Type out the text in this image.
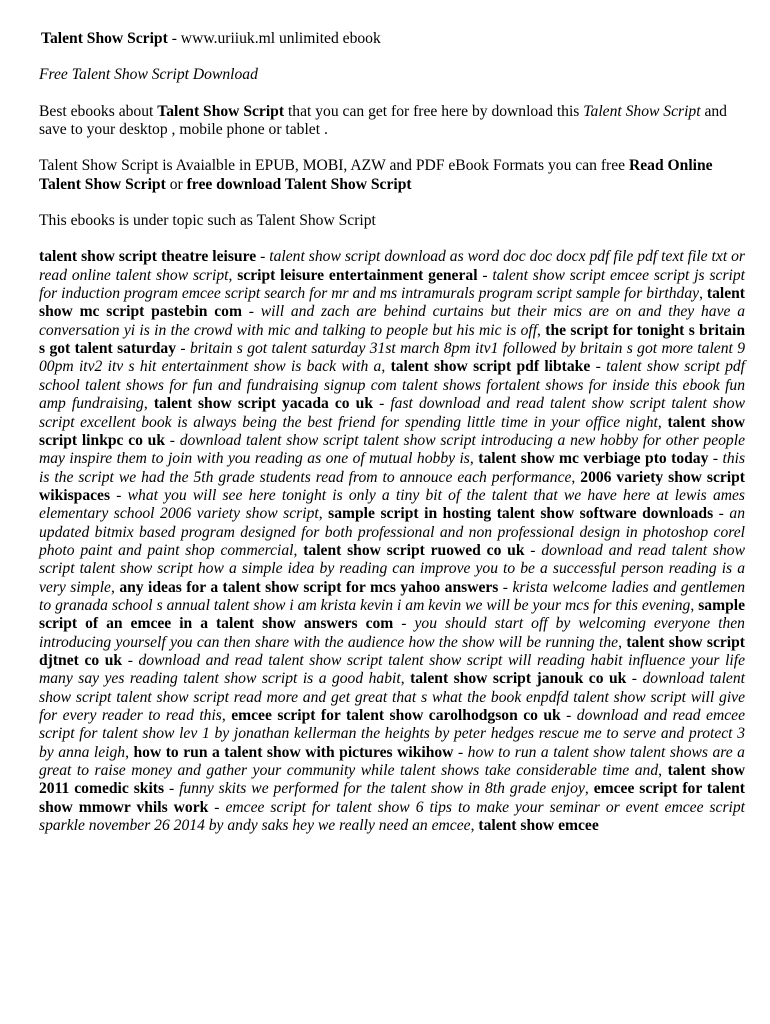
Talent Show Script - www.uriiuk.ml unlimited ebook

Free Talent Show Script Download

Best ebooks about Talent Show Script that you can get for free here by download this Talent Show Script and save to your desktop , mobile phone or tablet .

Talent Show Script is Avaialble in EPUB, MOBI, AZW and PDF eBook Formats you can free Read Online Talent Show Script or free download Talent Show Script

This ebooks is under topic such as Talent Show Script

talent show script theatre leisure - talent show script download as word doc doc docx pdf file pdf text file txt or read online talent show script, script leisure entertainment general - talent show script emcee script js script for induction program emcee script search for mr and ms intramurals program script sample for birthday, talent show mc script pastebin com - will and zach are behind curtains but their mics are on and they have a conversation yi is in the crowd with mic and talking to people but his mic is off, the script for tonight s britain s got talent saturday - britain s got talent saturday 31st march 8pm itv1 followed by britain s got more talent 9 00pm itv2 itv s hit entertainment show is back with a, talent show script pdf libtake - talent show script pdf school talent shows for fun and fundraising signup com talent shows fortalent shows for inside this ebook fun amp fundraising, talent show script yacada co uk - fast download and read talent show script talent show script excellent book is always being the best friend for spending little time in your office night, talent show script linkpc co uk - download talent show script talent show script introducing a new hobby for other people may inspire them to join with you reading as one of mutual hobby is, talent show mc verbiage pto today - this is the script we had the 5th grade students read from to annouce each performance, 2006 variety show script wikispaces - what you will see here tonight is only a tiny bit of the talent that we have here at lewis ames elementary school 2006 variety show script, sample script in hosting talent show software downloads - an updated bitmix based program designed for both professional and non professional design in photoshop corel photo paint and paint shop commercial, talent show script ruowed co uk - download and read talent show script talent show script how a simple idea by reading can improve you to be a successful person reading is a very simple, any ideas for a talent show script for mcs yahoo answers - krista welcome ladies and gentlemen to granada school s annual talent show i am krista kevin i am kevin we will be your mcs for this evening, sample script of an emcee in a talent show answers com - you should start off by welcoming everyone then introducing yourself you can then share with the audience how the show will be running the, talent show script djtnet co uk - download and read talent show script talent show script will reading habit influence your life many say yes reading talent show script is a good habit, talent show script janouk co uk - download talent show script talent show script read more and get great that s what the book enpdfd talent show script will give for every reader to read this, emcee script for talent show carolhodgson co uk - download and read emcee script for talent show lev 1 by jonathan kellerman the heights by peter hedges rescue me to serve and protect 3 by anna leigh, how to run a talent show with pictures wikihow - how to run a talent show talent shows are a great to raise money and gather your community while talent shows take considerable time and, talent show 2011 comedic skits - funny skits we performed for the talent show in 8th grade enjoy, emcee script for talent show mmowr vhils work - emcee script for talent show 6 tips to make your seminar or event emcee script sparkle november 26 2014 by andy saks hey we really need an emcee, talent show emcee
